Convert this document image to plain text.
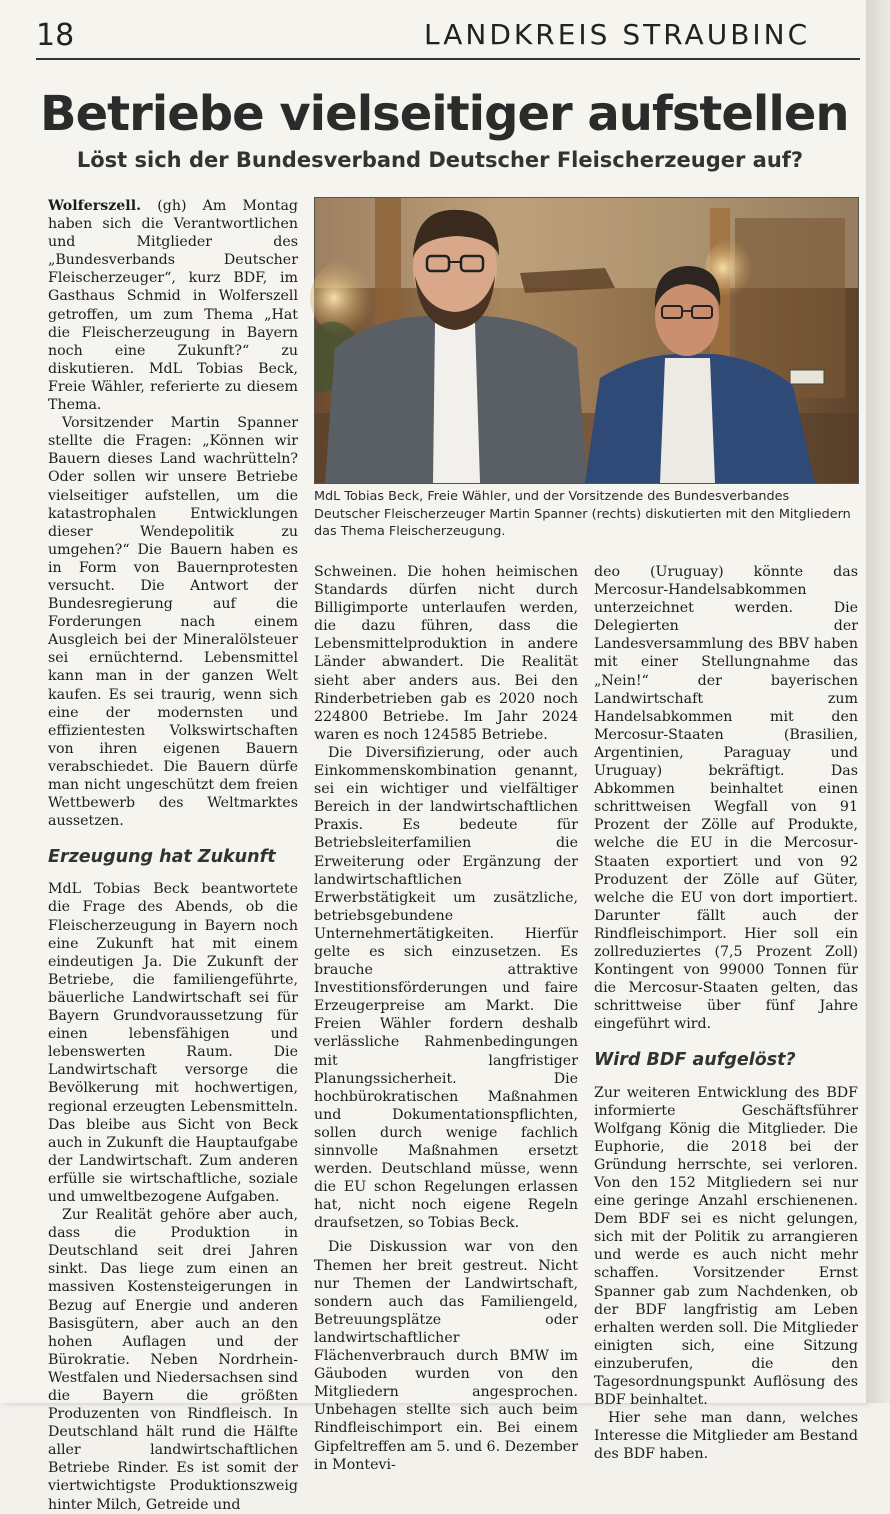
18	LANDKREIS STRAUBINC
Betriebe vielseitiger aufstellen
Löst sich der Bundesverband Deutscher Fleischerzeuger auf?

Wolferszell. (gh) Am Montag haben sich die Verantwortlichen und Mitglieder des „Bundesverbands Deutscher Fleischerzeuger“, kurz BDF, im Gasthaus Schmid in Wolferszell getroffen, um zum Thema „Hat die Fleischerzeugung in Bayern noch eine Zukunft?“ zu diskutieren. MdL Tobias Beck, Freie Wähler, referierte zu diesem Thema.

Vorsitzender Martin Spanner stellte die Fragen: „Können wir Bauern dieses Land wachrütteln? Oder sollen wir unsere Betriebe vielseitiger aufstellen, um die katastrophalen Entwicklungen dieser Wendepolitik zu umgehen?“ Die Bauern haben es in Form von Bauernprotesten versucht. Die Antwort der Bundesregierung auf die Forderungen nach einem Ausgleich bei der Mineralölsteuer sei ernüchternd. Lebensmittel kann man in der ganzen Welt kaufen. Es sei traurig, wenn sich eine der modernsten und effizientesten Volkswirtschaften von ihren eigenen Bauern verabschiedet. Die Bauern dürfe man nicht ungeschützt dem freien Wettbewerb des Weltmarktes aussetzen.

Erzeugung hat Zukunft

MdL Tobias Beck beantwortete die Frage des Abends, ob die Fleischerzeugung in Bayern noch eine Zukunft hat mit einem eindeutigen Ja. Die Zukunft der Betriebe, die familiengeführte, bäuerliche Landwirtschaft sei für Bayern Grundvoraussetzung für einen lebensfähigen und lebenswerten Raum. Die Landwirtschaft versorge die Bevölkerung mit hochwertigen, regional erzeugten Lebensmitteln. Das bleibe aus Sicht von Beck auch in Zukunft die Hauptaufgabe der Landwirtschaft. Zum anderen erfülle sie wirtschaftliche, soziale und umweltbezogene Aufgaben.

Zur Realität gehöre aber auch, dass die Produktion in Deutschland seit drei Jahren sinkt. Das liege zum einen an massiven Kostensteigerungen in Bezug auf Energie und anderen Basisgütern, aber auch an den hohen Auflagen und der Bürokratie. Neben Nordrhein-Westfalen und Niedersachsen sind die Bayern die größten Produzenten von Rindfleisch. In Deutschland hält rund die Hälfte aller landwirtschaftlichen Betriebe Rinder. Es ist somit der viertwichtigste Produktionszweig hinter Milch, Getreide und

MdL Tobias Beck, Freie Wähler, und der Vorsitzende des Bundesverbandes Deutscher Fleischerzeuger Martin Spanner (rechts) diskutierten mit den Mitgliedern das Thema Fleischerzeugung.

Schweinen. Die hohen heimischen Standards dürfen nicht durch Billigimporte unterlaufen werden, die dazu führen, dass die Lebensmittelproduktion in andere Länder abwandert. Die Realität sieht aber anders aus. Bei den Rinderbetrieben gab es 2020 noch 224800 Betriebe. Im Jahr 2024 waren es noch 124585 Betriebe.

Die Diversifizierung, oder auch Einkommenskombination genannt, sei ein wichtiger und vielfältiger Bereich in der landwirtschaftlichen Praxis. Es bedeute für Betriebsleiterfamilien die Erweiterung oder Ergänzung der landwirtschaftlichen Erwerbstätigkeit um zusätzliche, betriebsgebundene Unternehmertätigkeiten. Hierfür gelte es sich einzusetzen. Es brauche attraktive Investitionsförderungen und faire Erzeugerpreise am Markt. Die Freien Wähler fordern deshalb verlässliche Rahmenbedingungen mit langfristiger Planungssicherheit. Die hochbürokratischen Maßnahmen und Dokumentationspflichten, sollen durch wenige fachlich sinnvolle Maßnahmen ersetzt werden. Deutschland müsse, wenn die EU schon Regelungen erlassen hat, nicht noch eigene Regeln draufsetzen, so Tobias Beck.

Die Diskussion war von den Themen her breit gestreut. Nicht nur Themen der Landwirtschaft, sondern auch das Familiengeld, Betreuungsplätze oder landwirtschaftlicher Flächenverbrauch durch BMW im Gäuboden wurden von den Mitgliedern angesprochen. Unbehagen stellte sich auch beim Rindfleischimport ein. Bei einem Gipfeltreffen am 5. und 6. Dezember in Montevi-

deo (Uruguay) könnte das Mercosur-Handelsabkommen unterzeichnet werden. Die Delegierten der Landesversammlung des BBV haben mit einer Stellungnahme das „Nein!“ der bayerischen Landwirtschaft zum Handelsabkommen mit den Mercosur-Staaten (Brasilien, Argentinien, Paraguay und Uruguay) bekräftigt. Das Abkommen beinhaltet einen schrittweisen Wegfall von 91 Prozent der Zölle auf Produkte, welche die EU in die Mercosur-Staaten exportiert und von 92 Produzent der Zölle auf Güter, welche die EU von dort importiert. Darunter fällt auch der Rindfleischimport. Hier soll ein zollreduziertes (7,5 Prozent Zoll) Kontingent von 99000 Tonnen für die Mercosur-Staaten gelten, das schrittweise über fünf Jahre eingeführt wird.

Wird BDF aufgelöst?

Zur weiteren Entwicklung des BDF informierte Geschäftsführer Wolfgang König die Mitglieder. Die Euphorie, die 2018 bei der Gründung herrschte, sei verloren. Von den 152 Mitgliedern sei nur eine geringe Anzahl erschienenen. Dem BDF sei es nicht gelungen, sich mit der Politik zu arrangieren und werde es auch nicht mehr schaffen. Vorsitzender Ernst Spanner gab zum Nachdenken, ob der BDF langfristig am Leben erhalten werden soll. Die Mitglieder einigten sich, eine Sitzung einzuberufen, die den Tagesordnungspunkt Auflösung des BDF beinhaltet.

Hier sehe man dann, welches Interesse die Mitglieder am Bestand des BDF haben.
